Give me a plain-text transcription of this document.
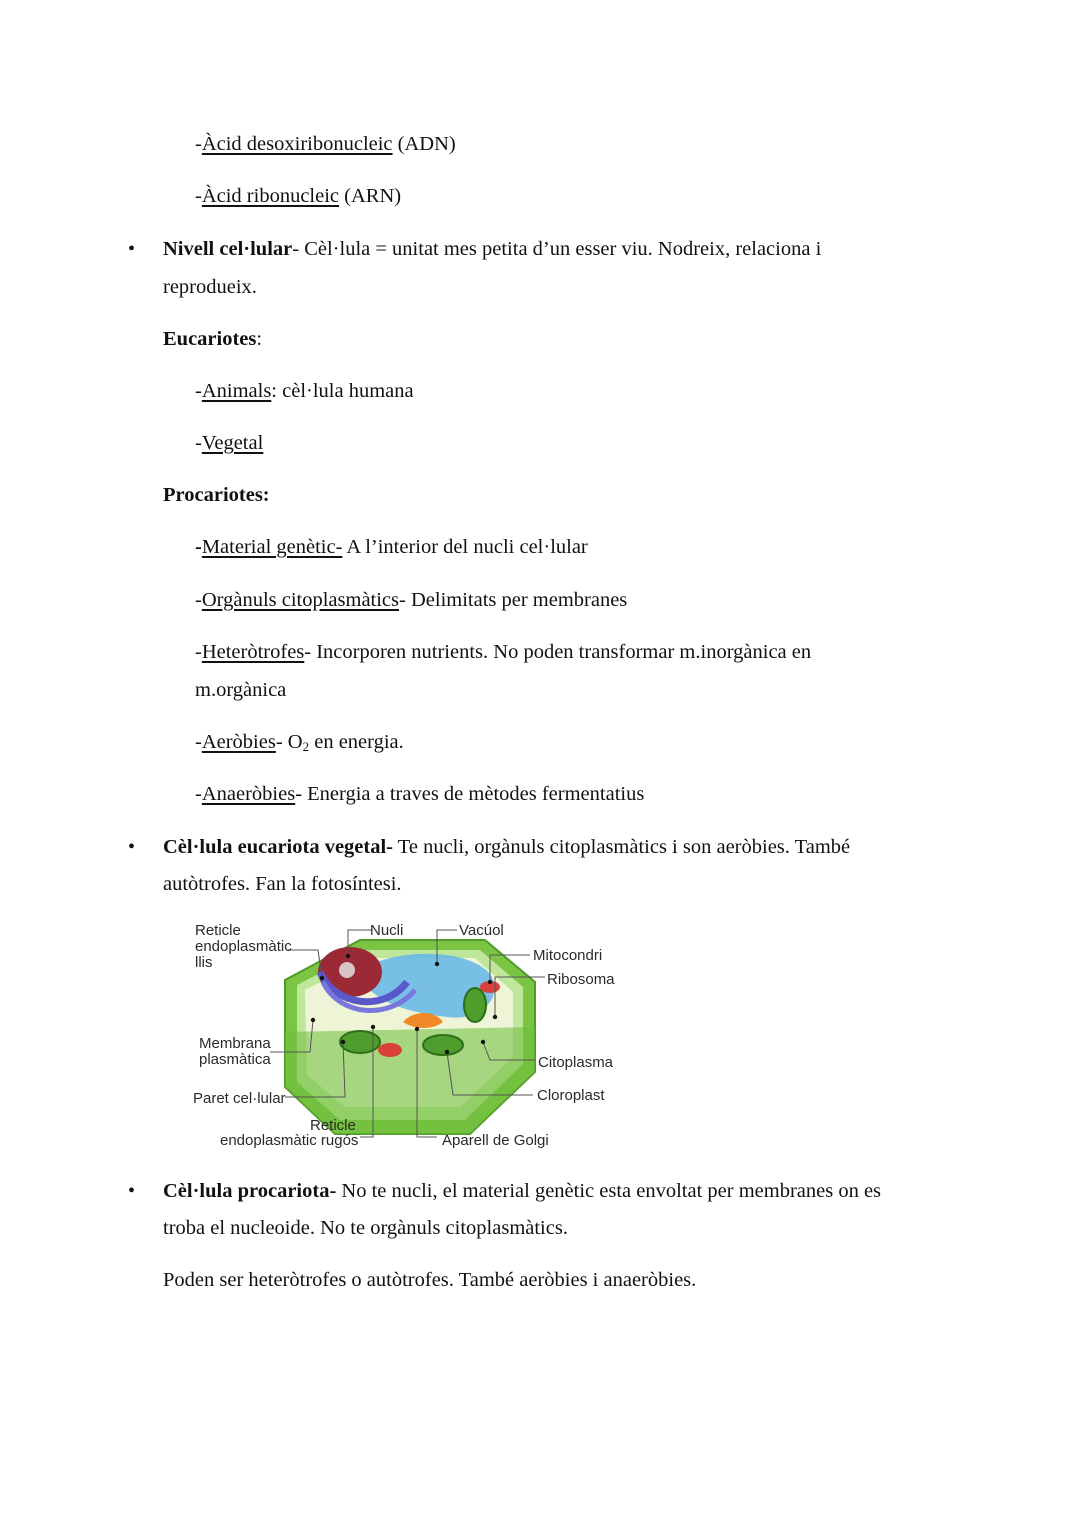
-Àcid desoxiribonucleic (ADN)
-Àcid ribonucleic (ARN)
• Nivell cel·lular- Cèl·lula = unitat mes petita d’un esser viu. Nodreix, relaciona i
reprodueix.
Eucariotes:
-Animals: cèl·lula humana
-Vegetal
Procariotes:
-Material genètic- A l’interior del nucli cel·lular
-Orgànuls citoplasmàtics- Delimitats per membranes
-Heteròtrofes- Incorporen nutrients. No poden transformar m.inorgànica en
m.orgànica
-Aeròbies- $O_2$ en energia.
-Anaeròbies- Energia a traves de mètodes fermentatius
• Cèl·lula eucariota vegetal- Te nucli, orgànuls citoplasmàtics i son aeròbies. També
autòtrofes. Fan la fotosíntesi.
Reticle
endoplasmàtic
llis
Nucli	Vacúol
Mitocondri
Ribosoma
Membrana
plasmàtica	Citoplasma
Paret cel·lular	Cloroplast
Reticle
endoplasmàtic rugós	Aparell de Golgi
• Cèl·lula procariota- No te nucli, el material genètic esta envoltat per membranes on es
troba el nucleoide. No te orgànuls citoplasmàtics.
Poden ser heteròtrofes o autòtrofes. També aeròbies i anaeròbies.
